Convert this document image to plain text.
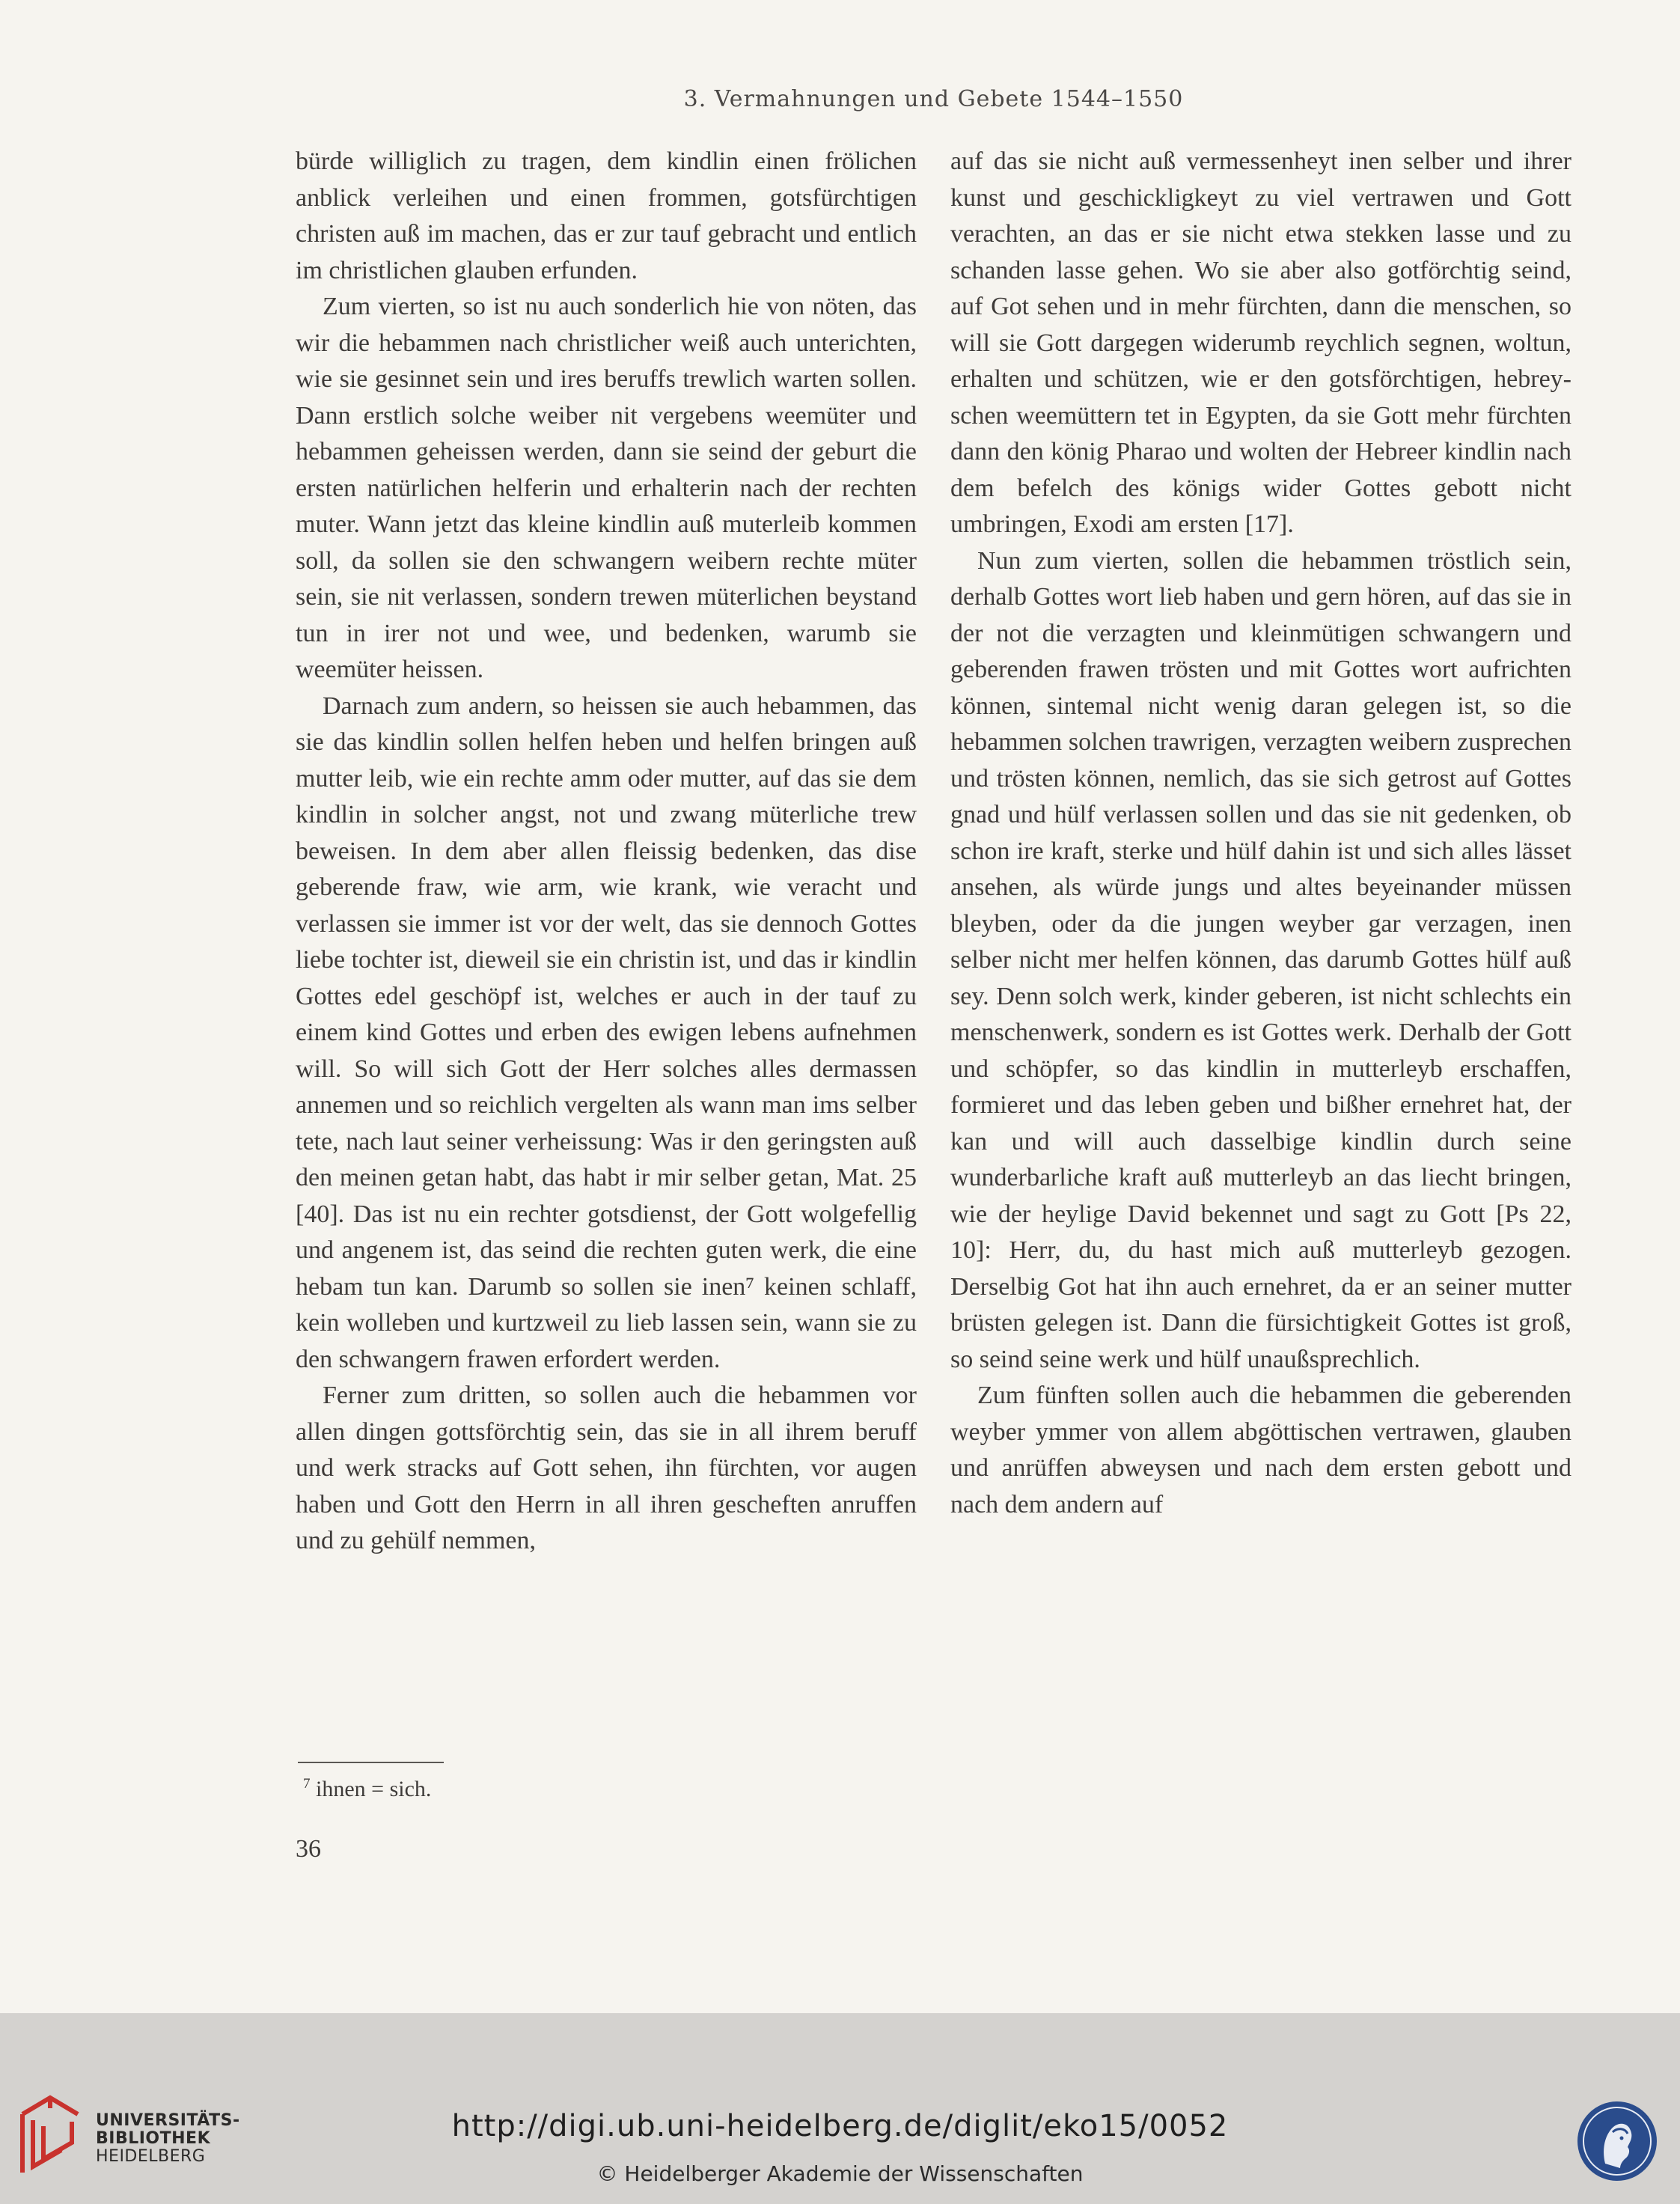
3. Vermahnungen und Gebete 1544–1550

bürde williglich zu tragen, dem kindlin einen frölichen anblick verleihen und einen frommen, gotsfürchtigen christen auß im machen, das er zur tauf gebracht und entlich im christlichen glauben erfunden.

Zum vierten, so ist nu auch sonderlich hie von nöten, das wir die hebammen nach christlicher weiß auch unterichten, wie sie gesinnet sein und ires beruffs trewlich warten sollen. Dann erstlich solche weiber nit vergebens weemüter und hebammen geheissen werden, dann sie seind der geburt die ersten natürlichen helferin und erhalterin nach der rechten muter. Wann jetzt das kleine kindlin auß muterleib kommen soll, da sollen sie den schwangern weibern rechte müter sein, sie nit verlassen, sondern trewen müterlichen beystand tun in irer not und wee, und bedenken, warumb sie weemüter heissen.

Darnach zum andern, so heissen sie auch hebammen, das sie das kindlin sollen helfen heben und helfen bringen auß mutter leib, wie ein rechte amm oder mutter, auf das sie dem kindlin in solcher angst, not und zwang müterliche trew beweisen. In dem aber allen fleissig bedenken, das dise geberende fraw, wie arm, wie krank, wie veracht und verlassen sie immer ist vor der welt, das sie dennoch Gottes liebe tochter ist, dieweil sie ein christin ist, und das ir kindlin Gottes edel geschöpf ist, welches er auch in der tauf zu einem kind Gottes und erben des ewigen lebens aufnehmen will. So will sich Gott der Herr solches alles dermassen annemen und so reichlich vergelten als wann man ims selber tete, nach laut seiner verheissung: Was ir den geringsten auß den meinen getan habt, das habt ir mir selber getan, Mat. 25 [40]. Das ist nu ein rechter gotsdienst, der Gott wolgefellig und angenem ist, das seind die rechten guten werk, die eine hebam tun kan. Darumb so sollen sie inen⁷ keinen schlaff, kein wolleben und kurtzweil zu lieb lassen sein, wann sie zu den schwangern frawen erfordert werden.

Ferner zum dritten, so sollen auch die hebammen vor allen dingen gottsförchtig sein, das sie in all ihrem beruff und werk stracks auf Gott sehen, ihn fürchten, vor augen haben und Gott den Herrn in all ihren gescheften anruffen und zu gehülf nemmen,

auf das sie nicht auß vermessenheyt inen selber und ihrer kunst und geschickligkeyt zu viel vertrawen und Gott verachten, an das er sie nicht etwa stekken lasse und zu schanden lasse gehen. Wo sie aber also gotförchtig seind, auf Got sehen und in mehr fürchten, dann die menschen, so will sie Gott dargegen widerumb reychlich segnen, woltun, erhalten und schützen, wie er den gotsförchtigen, hebreyschen weemüttern tet in Egypten, da sie Gott mehr fürchten dann den könig Pharao und wolten der Hebreer kindlin nach dem befelch des königs wider Gottes gebott nicht umbringen, Exodi am ersten [17].

Nun zum vierten, sollen die hebammen tröstlich sein, derhalb Gottes wort lieb haben und gern hören, auf das sie in der not die verzagten und kleinmütigen schwangern und geberenden frawen trösten und mit Gottes wort aufrichten können, sintemal nicht wenig daran gelegen ist, so die hebammen solchen trawrigen, verzagten weibern zusprechen und trösten können, nemlich, das sie sich getrost auf Gottes gnad und hülf verlassen sollen und das sie nit gedenken, ob schon ire kraft, sterke und hülf dahin ist und sich alles lässet ansehen, als würde jungs und altes beyeinander müssen bleyben, oder da die jungen weyber gar verzagen, inen selber nicht mer helfen können, das darumb Gottes hülf auß sey. Denn solch werk, kinder geberen, ist nicht schlechts ein menschenwerk, sondern es ist Gottes werk. Derhalb der Gott und schöpfer, so das kindlin in mutterleyb erschaffen, formieret und das leben geben und bißher ernehret hat, der kan und will auch dasselbige kindlin durch seine wunderbarliche kraft auß mutterleyb an das liecht bringen, wie der heylige David bekennet und sagt zu Gott [Ps 22, 10]: Herr, du, du hast mich auß mutterleyb gezogen. Derselbig Got hat ihn auch ernehret, da er an seiner mutter brüsten gelegen ist. Dann die fürsichtigkeit Gottes ist groß, so seind seine werk und hülf unaußsprechlich.

Zum fünften sollen auch die hebammen die geberenden weyber ymmer von allem abgöttischen vertrawen, glauben und anrüffen abweysen und nach dem ersten gebott und nach dem andern auf

$^7$ ihnen = sich.
36
UNIVERSITÄTS-
BIBLIOTHEK

HEIDELBERG
http://digi.ub.uni-heidelberg.de/diglit/eko15/0052
© Heidelberger Akademie der Wissenschaften
